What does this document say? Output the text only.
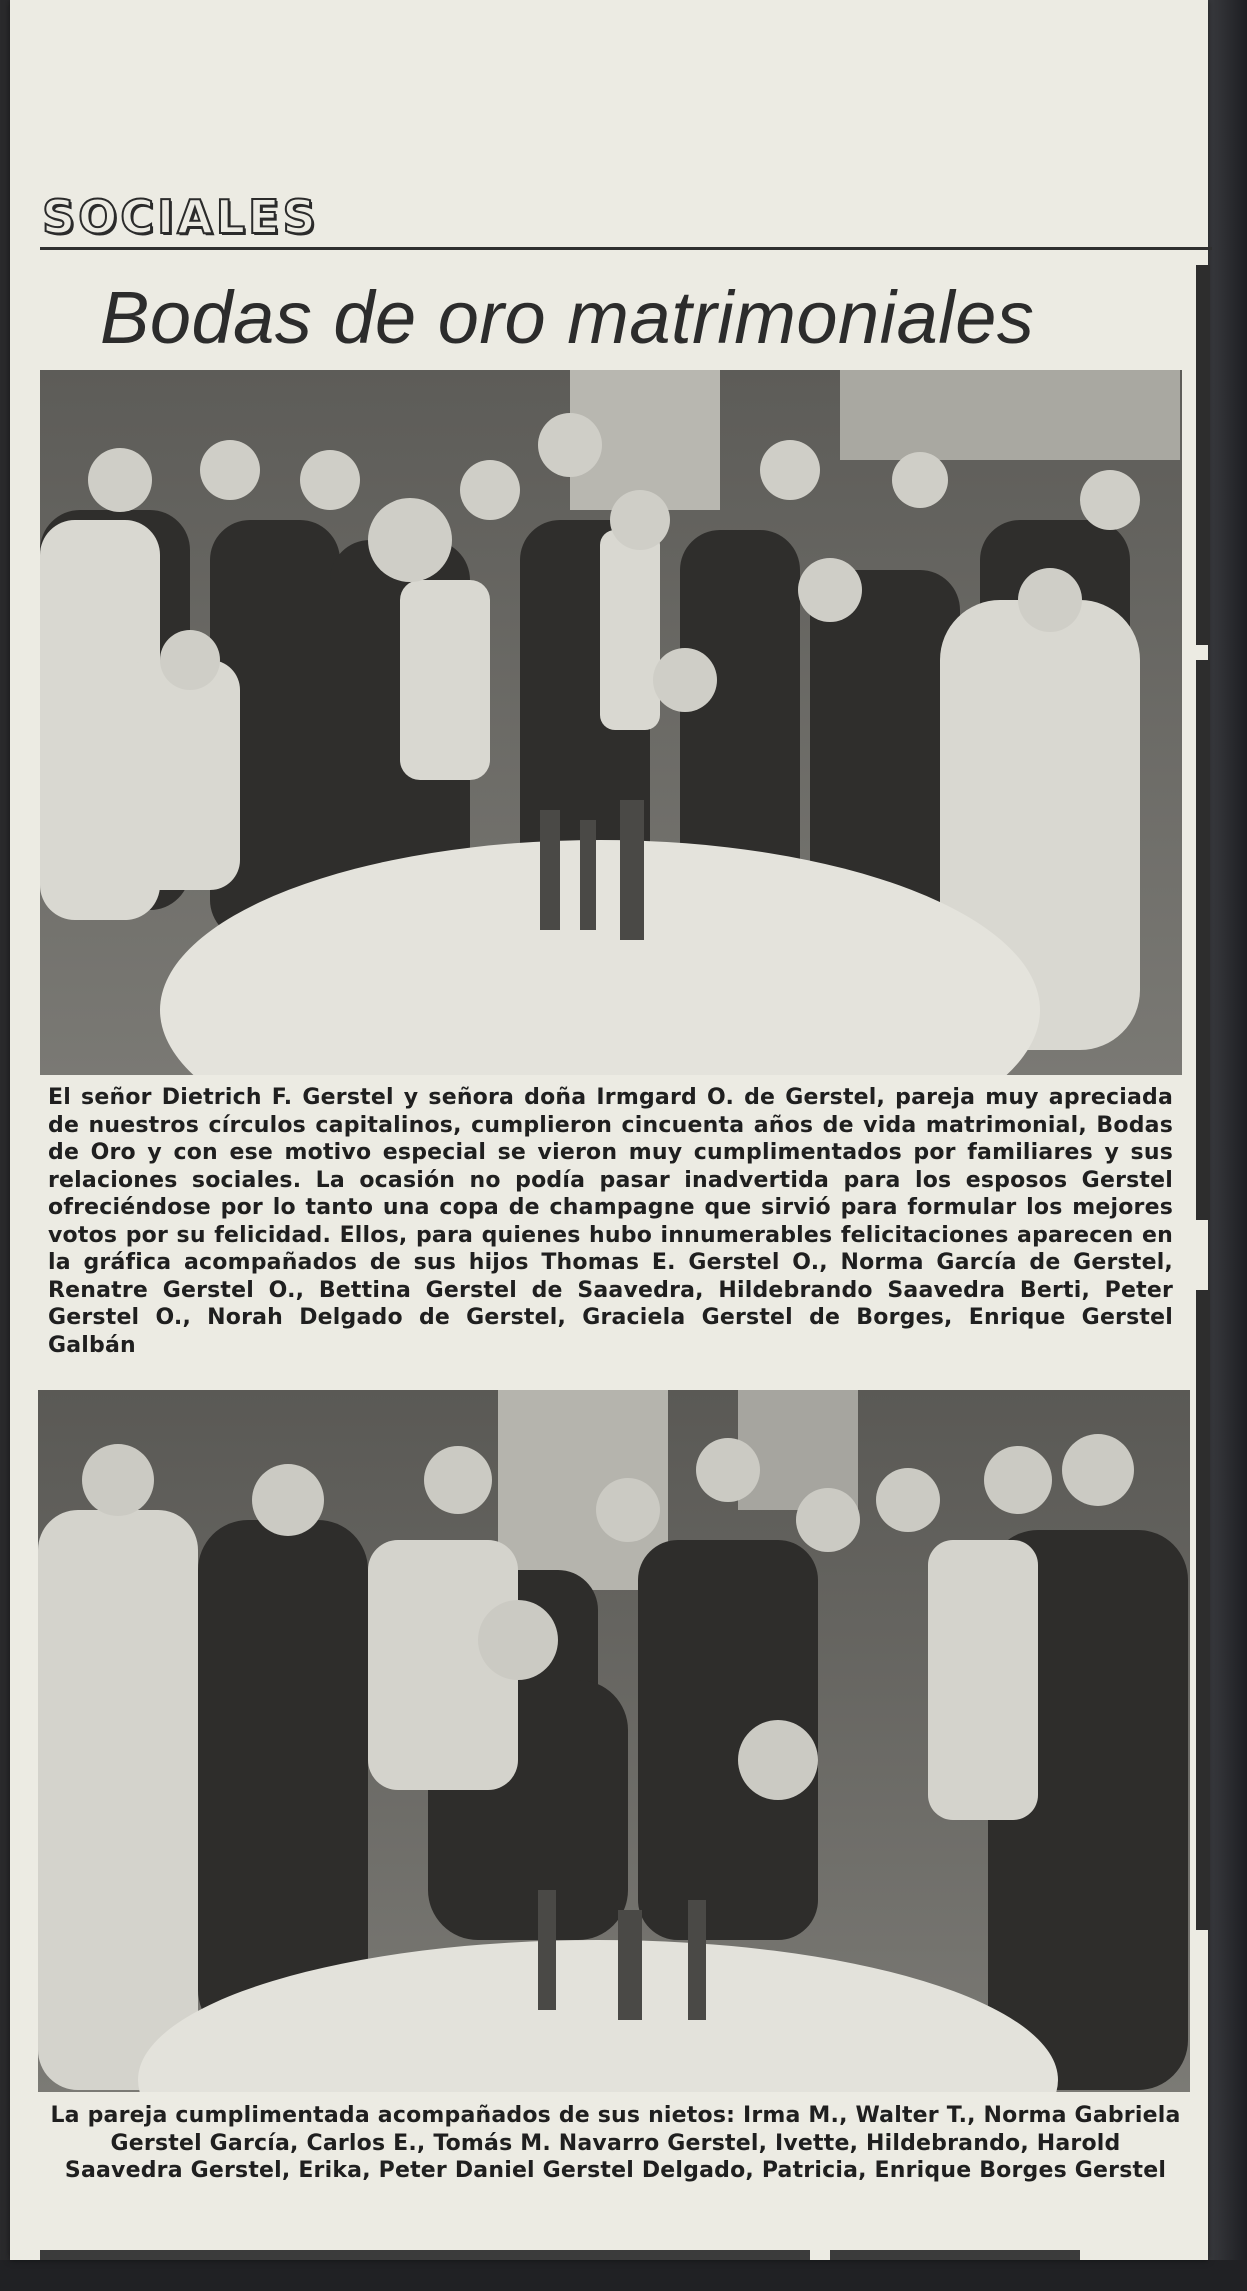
SOCIALES
Bodas de oro matrimoniales
El señor Dietrich F. Gerstel y señora doña Irmgard O. de Gerstel, pareja muy apreciada de nuestros círculos capitalinos, cumplieron cincuenta años de vida matrimonial, Bodas de Oro y con ese motivo especial se vieron muy cumplimentados por familiares y sus relaciones sociales. La ocasión no podía pasar inadvertida para los esposos Gerstel ofreciéndose por lo tanto una copa de champagne que sirvió para formular los mejores votos por su felicidad. Ellos, para quienes hubo innumerables felicitaciones aparecen en la gráfica acompañados de sus hijos Thomas E. Gerstel O., Norma García de Gerstel, Renatre Gerstel O., Bettina Gerstel de Saavedra, Hildebrando Saavedra Berti, Peter Gerstel O., Norah Delgado de Gerstel, Graciela Gerstel de Borges, Enrique Gerstel Galbán
La pareja cumplimentada acompañados de sus nietos: Irma M., Walter T., Norma Gabriela Gerstel García, Carlos E., Tomás M. Navarro Gerstel, Ivette, Hildebrando, Harold Saavedra Gerstel, Erika, Peter Daniel Gerstel Delgado, Patricia, Enrique Borges Gerstel
